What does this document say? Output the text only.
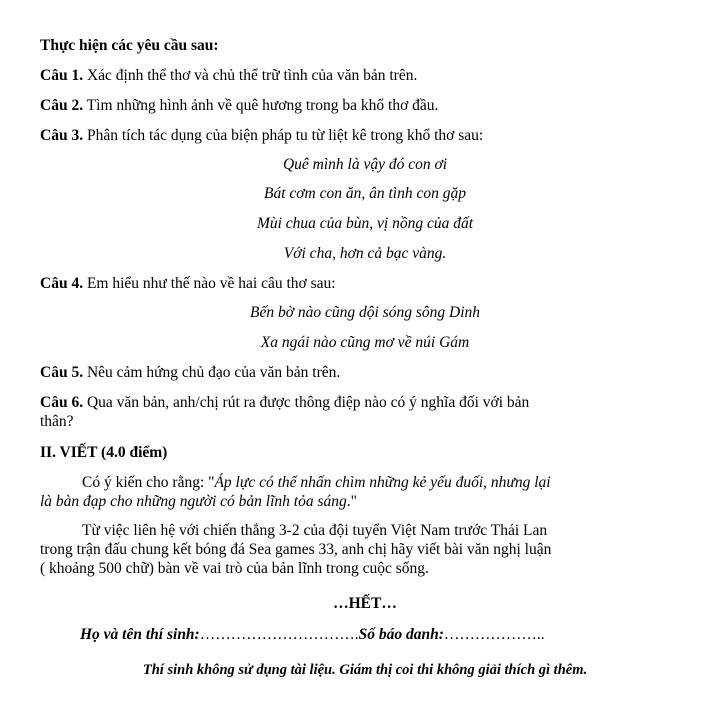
Thực hiện các yêu cầu sau:
Câu 1. Xác định thể thơ và chủ thể trữ tình của văn bản trên.
Câu 2. Tìm những hình ảnh về quê hương trong ba khổ thơ đầu.
Câu 3. Phân tích tác dụng của biện pháp tu từ liệt kê trong khổ thơ sau:
Quê mình là vậy đó con ơi
Bát cơm con ăn, ân tình con gặp
Mùi chua của bùn, vị nồng của đất
Với cha, hơn cả bạc vàng.
Câu 4. Em hiểu như thế nào về hai câu thơ sau:
Bến bờ nào cũng dội sóng sông Dinh
Xa ngái nào cũng mơ về núi Gám
Câu 5. Nêu cảm hứng chủ đạo của văn bản trên.
Câu 6. Qua văn bản, anh/chị rút ra được thông điệp nào có ý nghĩa đối với bản
thân?
II. VIẾT (4.0 điểm)
Có ý kiến cho rằng: "Áp lực có thể nhấn chìm những kẻ yếu đuối, nhưng lại
là bàn đạp cho những người có bản lĩnh tỏa sáng."
Từ việc liên hệ với chiến thắng 3-2 của đội tuyển Việt Nam trước Thái Lan
trong trận đấu chung kết bóng đá Sea games 33, anh chị hãy viết bài văn nghị luận
( khoảng 500 chữ) bàn về vai trò của bản lĩnh trong cuộc sống.
…HẾT…
Họ và tên thí sinh:………………………….Số báo danh:………………..
Thí sinh không sử dụng tài liệu. Giám thị coi thi không giải thích gì thêm.
